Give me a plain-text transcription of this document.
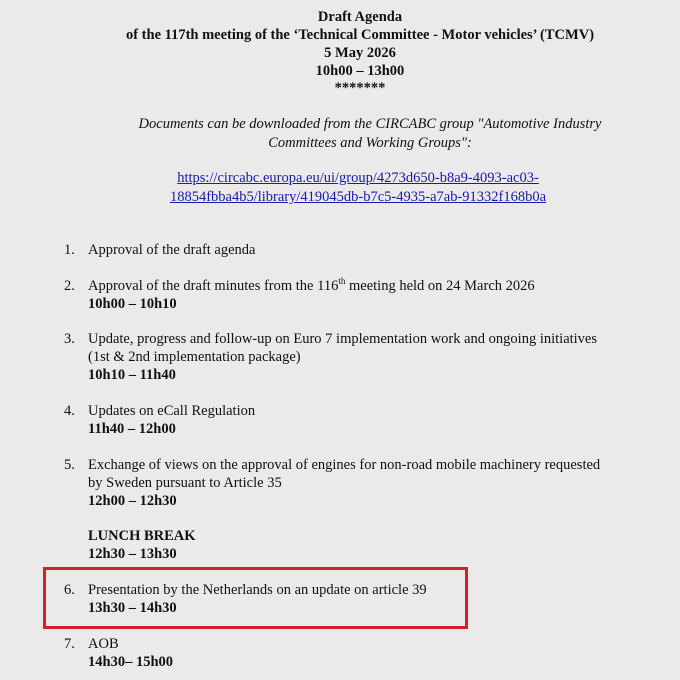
Draft Agenda
of the 117th meeting of the ‘Technical Committee - Motor vehicles’ (TCMV)
5 May 2026
10h00 – 13h00
*******
Documents can be downloaded from the CIRCABC group "Automotive Industry
Committees and Working Groups":
https://circabc.europa.eu/ui/group/4273d650-b8a9-4093-ac03-
18854fbba4b5/library/419045db-b7c5-4935-a7ab-91332f168b0a
1. Approval of the draft agenda
2. Approval of the draft minutes from the 116th meeting held on 24 March 2026
10h00 – 10h10
3. Update, progress and follow-up on Euro 7 implementation work and ongoing initiatives
(1st & 2nd implementation package)
10h10 – 11h40
4. Updates on eCall Regulation
11h40 – 12h00
5. Exchange of views on the approval of engines for non-road mobile machinery requested
by Sweden pursuant to Article 35
12h00 – 12h30
LUNCH BREAK
12h30 – 13h30
6. Presentation by the Netherlands on an update on article 39
13h30 – 14h30
7. AOB
14h30– 15h00
